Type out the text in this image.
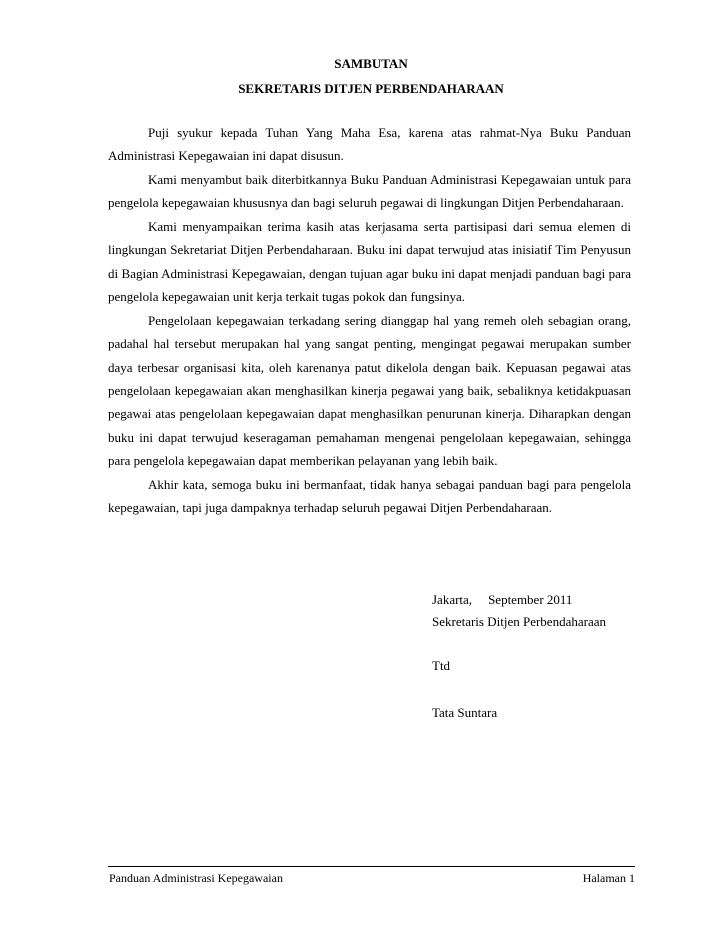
SAMBUTAN
SEKRETARIS DITJEN PERBENDAHARAAN

Puji syukur kepada Tuhan Yang Maha Esa, karena atas rahmat-Nya Buku Panduan Administrasi Kepegawaian ini dapat disusun.

Kami menyambut baik diterbitkannya Buku Panduan Administrasi Kepegawaian untuk para pengelola kepegawaian khususnya dan bagi seluruh pegawai di lingkungan Ditjen Perbendaharaan.

Kami menyampaikan terima kasih atas kerjasama serta partisipasi dari semua elemen di lingkungan Sekretariat Ditjen Perbendaharaan. Buku ini dapat terwujud atas inisiatif Tim Penyusun di Bagian Administrasi Kepegawaian, dengan tujuan agar buku ini dapat menjadi panduan bagi para pengelola kepegawaian unit kerja terkait tugas pokok dan fungsinya.

Pengelolaan kepegawaian terkadang sering dianggap hal yang remeh oleh sebagian orang, padahal hal tersebut merupakan hal yang sangat penting, mengingat pegawai merupakan sumber daya terbesar organisasi kita, oleh karenanya patut dikelola dengan baik. Kepuasan pegawai atas pengelolaan kepegawaian akan menghasilkan kinerja pegawai yang baik, sebaliknya ketidakpuasan pegawai atas pengelolaan kepegawaian dapat menghasilkan penurunan kinerja. Diharapkan dengan buku ini dapat terwujud keseragaman pemahaman mengenai pengelolaan kepegawaian, sehingga para pengelola kepegawaian dapat memberikan pelayanan yang lebih baik.

Akhir kata, semoga buku ini bermanfaat, tidak hanya sebagai panduan bagi para pengelola kepegawaian, tapi juga dampaknya terhadap seluruh pegawai Ditjen Perbendaharaan.

Jakarta, September 2011
Sekretaris Ditjen Perbendaharaan
Ttd
Tata Suntara
Panduan Administrasi Kepegawaian	Halaman 1
